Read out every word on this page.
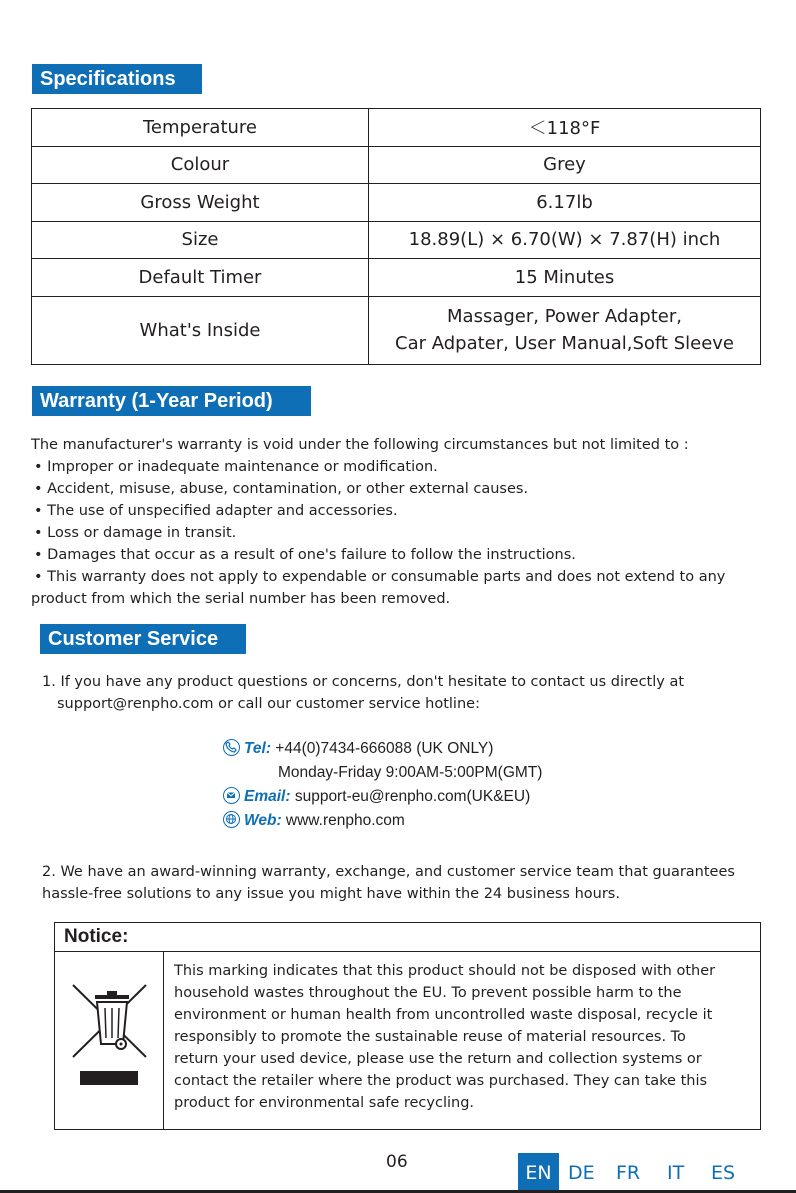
Specifications
Temperature	＜118°F
Colour	Grey
Gross Weight	6.17lb
Size	18.89(L) × 6.70(W) × 7.87(H) inch
Default Timer	15 Minutes
What's Inside	Massager, Power Adapter,
Car Adpater, User Manual,Soft Sleeve
Warranty (1-Year Period)
The manufacturer's warranty is void under the following circumstances but not limited to :
• Improper or inadequate maintenance or modification.
• Accident, misuse, abuse, contamination, or other external causes.
• The use of unspecified adapter and accessories.
• Loss or damage in transit.
• Damages that occur as a result of one's failure to follow the instructions.
• This warranty does not apply to expendable or consumable parts and does not extend to any
product from which the serial number has been removed.
Customer Service
1. If you have any product questions or concerns, don't hesitate to contact us directly at
support@renpho.com or call our customer service hotline:
Tel: +44(0)7434-666088 (UK ONLY)
Monday-Friday 9:00AM-5:00PM(GMT)
Email: support-eu@renpho.com(UK&EU)
Web: www.renpho.com
2. We have an award-winning warranty, exchange, and customer service team that guarantees
hassle-free solutions to any issue you might have within the 24 business hours.
Notice:
This marking indicates that this product should not be disposed with other
household wastes throughout the EU. To prevent possible harm to the
environment or human health from uncontrolled waste disposal, recycle it
responsibly to promote the sustainable reuse of material resources. To
return your used device, please use the return and collection systems or
contact the retailer where the product was purchased. They can take this
product for environmental safe recycling.
06	EN DE FR IT ES
